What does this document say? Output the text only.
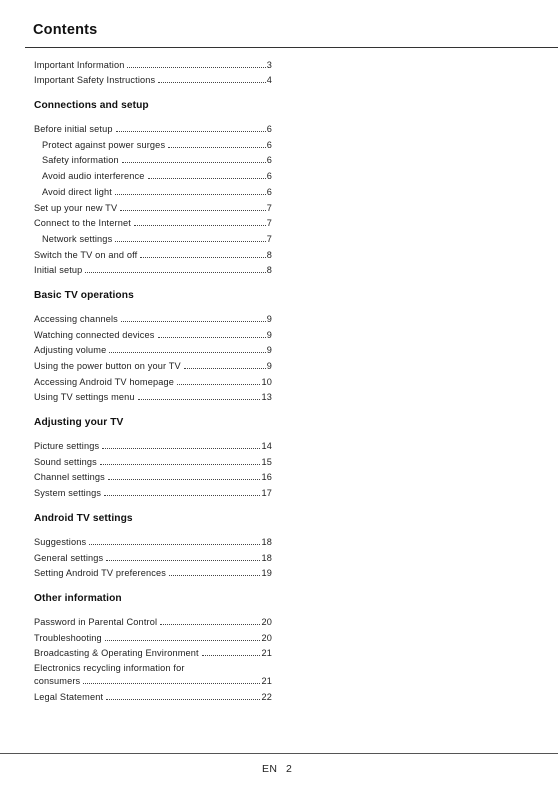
Contents
Important Information	3
Important Safety Instructions	4
Connections and setup
Before initial setup	6
Protect against power surges	6
Safety information	6
Avoid audio interference	6
Avoid direct light	6
Set up your new TV	7
Connect to the Internet	7
Network settings	7
Switch the TV on and off	8
Initial setup	8
Basic TV operations
Accessing channels	9
Watching connected devices	9
Adjusting volume	9
Using the power button on your TV	9
Accessing Android TV homepage	10
Using TV settings menu	13
Adjusting your TV
Picture settings	14
Sound settings	15
Channel settings	16
System settings	17
Android TV settings
Suggestions	18
General settings	18
Setting Android TV preferences	19
Other information
Password in Parental Control	20
Troubleshooting	20
Broadcasting & Operating Environment	21
Electronics recycling information for
consumers	21
Legal Statement	22
EN 2
